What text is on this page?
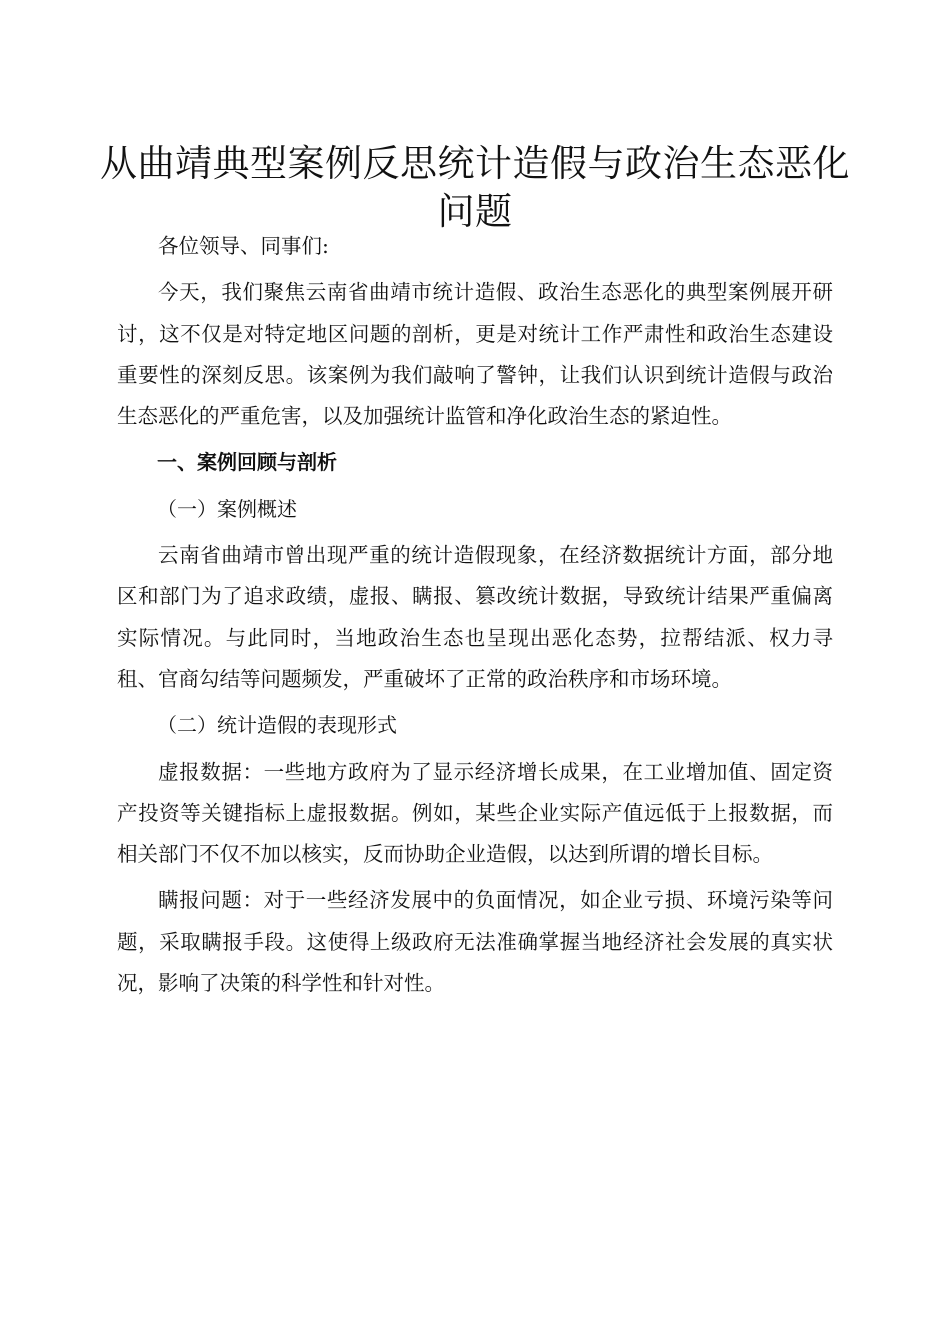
从曲靖典型案例反思统计造假与政治生态恶化问题

各位领导、同事们:

今天，我们聚焦云南省曲靖市统计造假、政治生态恶化的典型案例展开研讨，这不仅是对特定地区问题的剖析，更是对统计工作严肃性和政治生态建设重要性的深刻反思。该案例为我们敲响了警钟，让我们认识到统计造假与政治生态恶化的严重危害，以及加强统计监管和净化政治生态的紧迫性。

一、案例回顾与剖析

（一）案例概述

云南省曲靖市曾出现严重的统计造假现象，在经济数据统计方面，部分地区和部门为了追求政绩，虚报、瞒报、篡改统计数据，导致统计结果严重偏离实际情况。与此同时，当地政治生态也呈现出恶化态势，拉帮结派、权力寻租、官商勾结等问题频发，严重破坏了正常的政治秩序和市场环境。

（二）统计造假的表现形式

虚报数据：一些地方政府为了显示经济增长成果，在工业增加值、固定资产投资等关键指标上虚报数据。例如，某些企业实际产值远低于上报数据，而相关部门不仅不加以核实，反而协助企业造假，以达到所谓的增长目标。

瞒报问题：对于一些经济发展中的负面情况，如企业亏损、环境污染等问题，采取瞒报手段。这使得上级政府无法准确掌握当地经济社会发展的真实状况，影响了决策的科学性和针对性。
